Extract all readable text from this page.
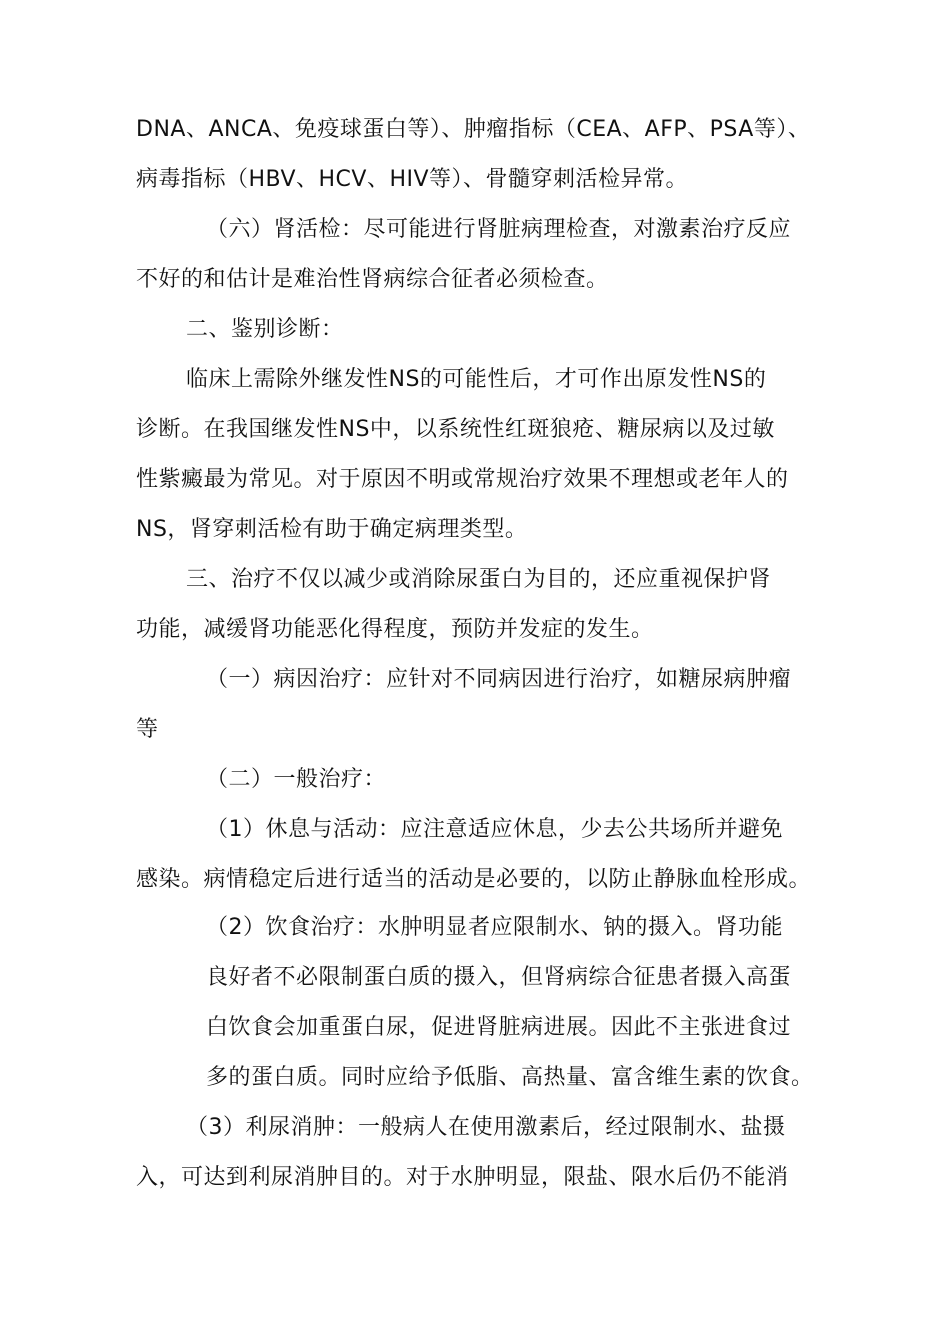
DNA、ANCA、免疫球蛋白等）、肿瘤指标（CEA、AFP、PSA等）、

病毒指标（HBV、HCV、HIV等）、骨髓穿刺活检异常。

（六）肾活检：尽可能进行肾脏病理检查，对激素治疗反应

不好的和估计是难治性肾病综合征者必须检查。

二、鉴别诊断：

临床上需除外继发性NS的可能性后，才可作出原发性NS的

诊断。在我国继发性NS中，以系统性红斑狼疮、糖尿病以及过敏

性紫癜最为常见。对于原因不明或常规治疗效果不理想或老年人的

NS，肾穿刺活检有助于确定病理类型。

三、治疗不仅以减少或消除尿蛋白为目的，还应重视保护肾

功能，减缓肾功能恶化得程度，预防并发症的发生。

（一）病因治疗：应针对不同病因进行治疗，如糖尿病肿瘤

等

（二）一般治疗：

（1）休息与活动：应注意适应休息，少去公共场所并避免

感染。病情稳定后进行适当的活动是必要的，以防止静脉血栓形成。

（2）饮食治疗：水肿明显者应限制水、钠的摄入。肾功能

良好者不必限制蛋白质的摄入，但肾病综合征患者摄入高蛋

白饮食会加重蛋白尿，促进肾脏病进展。因此不主张进食过

多的蛋白质。同时应给予低脂、高热量、富含维生素的饮食。

（3）利尿消肿：一般病人在使用激素后，经过限制水、盐摄

入，可达到利尿消肿目的。对于水肿明显，限盐、限水后仍不能消
